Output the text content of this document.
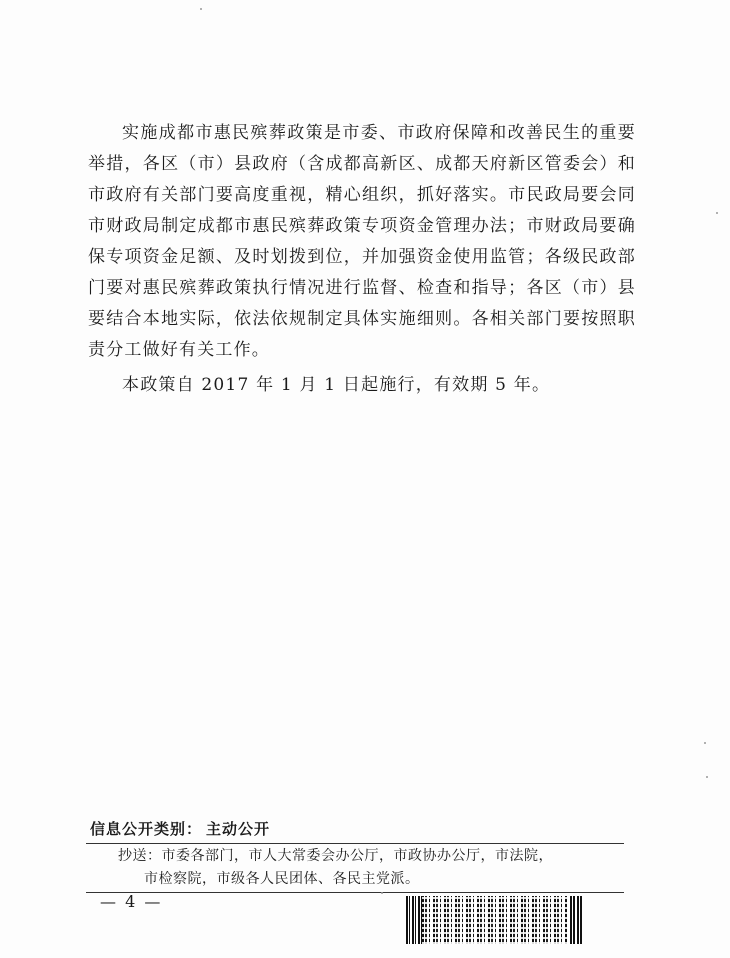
实施成都市惠民殡葬政策是市委、市政府保障和改善民生的重要举措，各区（市）县政府（含成都高新区、成都天府新区管委会）和市政府有关部门要高度重视，精心组织，抓好落实。市民政局要会同市财政局制定成都市惠民殡葬政策专项资金管理办法；市财政局要确保专项资金足额、及时划拨到位，并加强资金使用监管；各级民政部门要对惠民殡葬政策执行情况进行监督、检查和指导；各区（市）县要结合本地实际，依法依规制定具体实施细则。各相关部门要按照职责分工做好有关工作。

本政策自 2017 年 1 月 1 日起施行，有效期 5 年。

信息公开类别： 主动公开
抄送：市委各部门，市人大常委会办公厅，市政协办公厅，市法院，
市检察院，市级各人民团体、各民主党派。
— 4 —
